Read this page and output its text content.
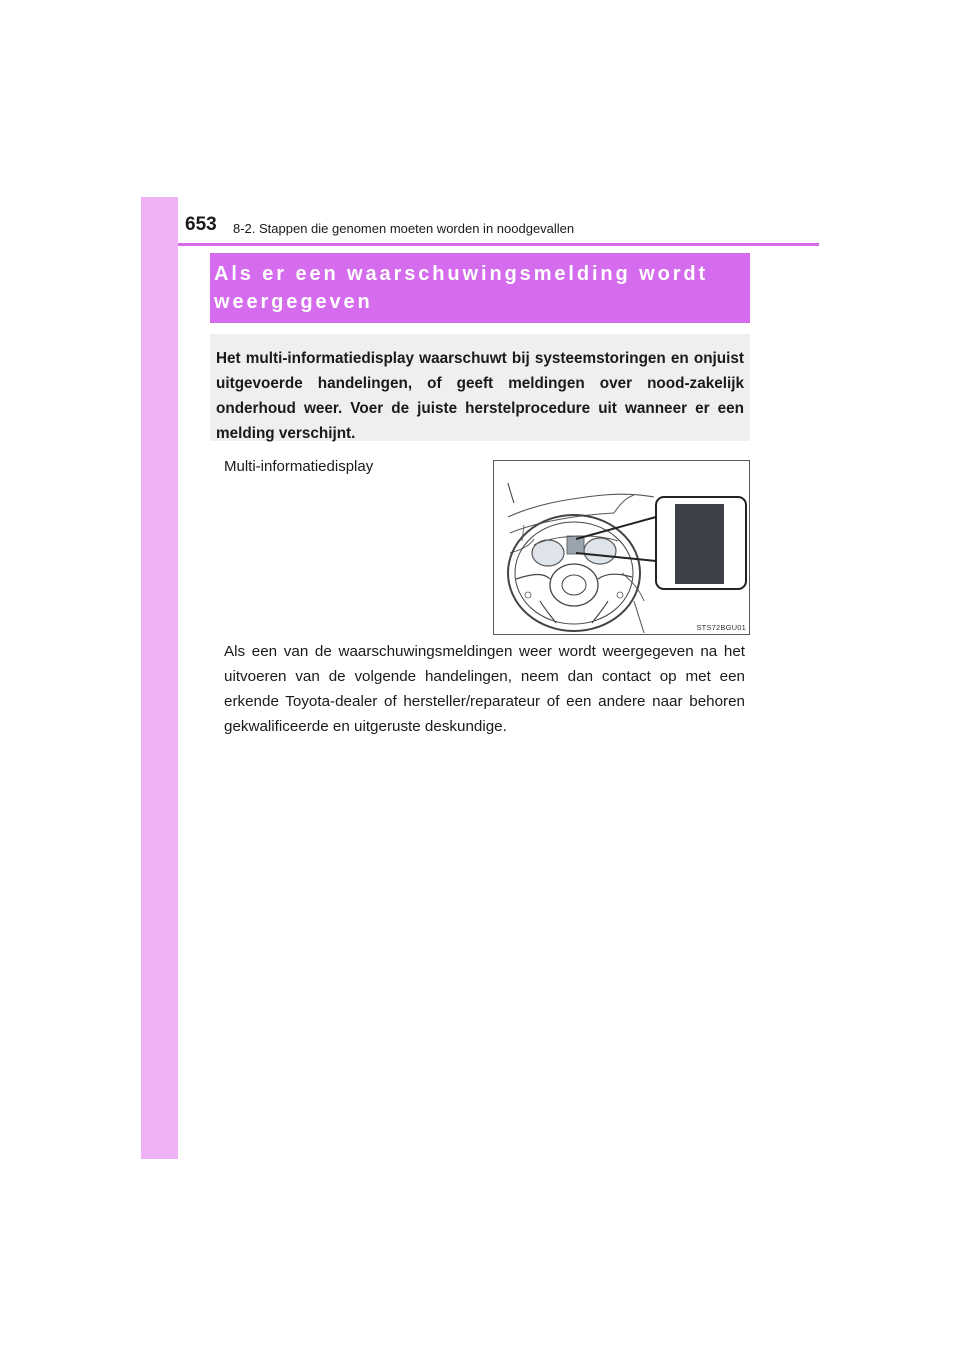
653 8-2. Stappen die genomen moeten worden in noodgevallen
Als er een waarschuwingsmelding wordt
weergegeven
Het multi-informatiedisplay waarschuwt bij systeemstoringen en onjuist uitgevoerde handelingen, of geeft meldingen over nood-zakelijk onderhoud weer. Voer de juiste herstelprocedure uit wanneer er een melding verschijnt.
Multi-informatiedisplay
STS72BGU01
Als een van de waarschuwingsmeldingen weer wordt weergegeven na het uitvoeren van de volgende handelingen, neem dan contact op met een erkende Toyota-dealer of hersteller/reparateur of een andere naar behoren gekwalificeerde en uitgeruste deskundige.
